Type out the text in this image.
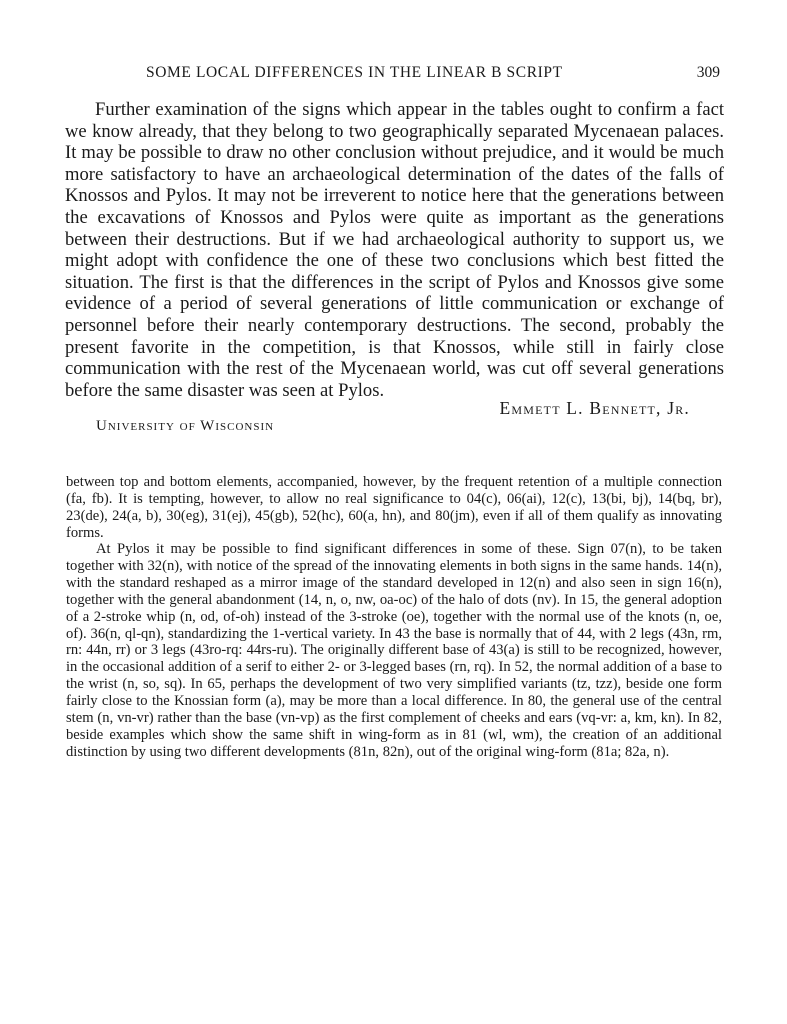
SOME LOCAL DIFFERENCES IN THE LINEAR B SCRIPT	309

Further examination of the signs which appear in the tables ought to confirm a fact we know already, that they belong to two geographically separated Mycenaean palaces. It may be possible to draw no other conclusion without prejudice, and it would be much more satisfactory to have an archaeological determination of the dates of the falls of Knossos and Pylos. It may not be irreverent to notice here that the generations between the excavations of Knossos and Pylos were quite as important as the generations between their destructions. But if we had archaeological authority to support us, we might adopt with confidence the one of these two conclusions which best fitted the situation. The first is that the differences in the script of Pylos and Knossos give some evidence of a period of several generations of little communication or exchange of personnel before their nearly contemporary destructions. The second, probably the present favorite in the competition, is that Knossos, while still in fairly close communication with the rest of the Mycenaean world, was cut off several generations before the same disaster was seen at Pylos.

Emmett L. Bennett, Jr.
University of Wisconsin

between top and bottom elements, accompanied, however, by the frequent retention of a multiple connection (fa, fb). It is tempting, however, to allow no real significance to 04(c), 06(ai), 12(c), 13(bi, bj), 14(bq, br), 23(de), 24(a, b), 30(eg), 31(ej), 45(gb), 52(hc), 60(a, hn), and 80(jm), even if all of them qualify as innovating forms.

At Pylos it may be possible to find significant differences in some of these. Sign 07(n), to be taken together with 32(n), with notice of the spread of the innovating elements in both signs in the same hands. 14(n), with the standard reshaped as a mirror image of the standard developed in 12(n) and also seen in sign 16(n), together with the general abandonment (14, n, o, nw, oa-oc) of the halo of dots (nv). In 15, the general adoption of a 2-stroke whip (n, od, of-oh) instead of the 3-stroke (oe), together with the normal use of the knots (n, oe, of). 36(n, ql-qn), standardizing the 1-vertical variety. In 43 the base is normally that of 44, with 2 legs (43n, rm, rn: 44n, rr) or 3 legs (43ro-rq: 44rs-ru). The originally different base of 43(a) is still to be recognized, however, in the occasional addition of a serif to either 2- or 3-legged bases (rn, rq). In 52, the normal addition of a base to the wrist (n, so, sq). In 65, perhaps the development of two very simplified variants (tz, tzz), beside one form fairly close to the Knossian form (a), may be more than a local difference. In 80, the general use of the central stem (n, vn-vr) rather than the base (vn-vp) as the first complement of cheeks and ears (vq-vr: a, km, kn). In 82, beside examples which show the same shift in wing-form as in 81 (wl, wm), the creation of an additional distinction by using two different developments (81n, 82n), out of the original wing-form (81a; 82a, n).
